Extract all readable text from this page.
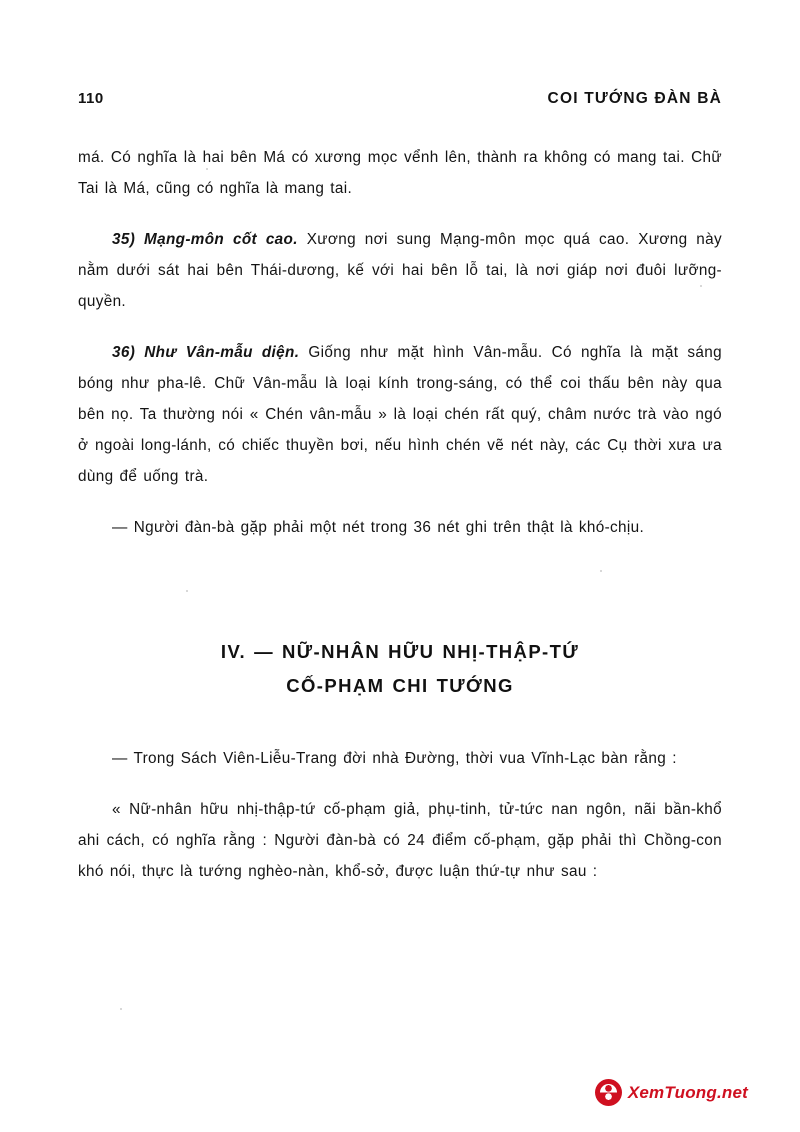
110	COI TƯỚNG ĐÀN BÀ

má. Có nghĩa là hai bên Má có xương mọc vểnh lên, thành ra không có mang tai. Chữ Tai là Má, cũng có nghĩa là mang tai.

35) Mạng-môn cốt cao. Xương nơi sung Mạng-môn mọc quá cao. Xương này nằm dưới sát hai bên Thái-dương, kế với hai bên lỗ tai, là nơi giáp nơi đuôi lưỡng-quyền.

36) Như Vân-mẫu diện. Giống như mặt hình Vân-mẫu. Có nghĩa là mặt sáng bóng như pha-lê. Chữ Vân-mẫu là loại kính trong-sáng, có thể coi thấu bên này qua bên nọ. Ta thường nói « Chén vân-mẫu » là loại chén rất quý, châm nước trà vào ngó ở ngoài long-lánh, có chiếc thuyền bơi, nếu hình chén vẽ nét này, các Cụ thời xưa ưa dùng để uống trà.

— Người đàn-bà gặp phải một nét trong 36 nét ghi trên thật là khó-chịu.

IV. — NỮ-NHÂN HỮU NHỊ-THẬP-TỨ
CỐ-PHẠM CHI TƯỚNG

— Trong Sách Viên-Liễu-Trang đời nhà Đường, thời vua Vĩnh-Lạc bàn rằng :

« Nữ-nhân hữu nhị-thập-tứ cố-phạm giả, phụ-tinh, tử-tức nan ngôn, nãi bần-khổ ahi cách, có nghĩa rằng : Người đàn-bà có 24 điểm cố-phạm, gặp phải thì Chồng-con khó nói, thực là tướng nghèo-nàn, khổ-sở, được luận thứ-tự như sau :

XemTuong.net
